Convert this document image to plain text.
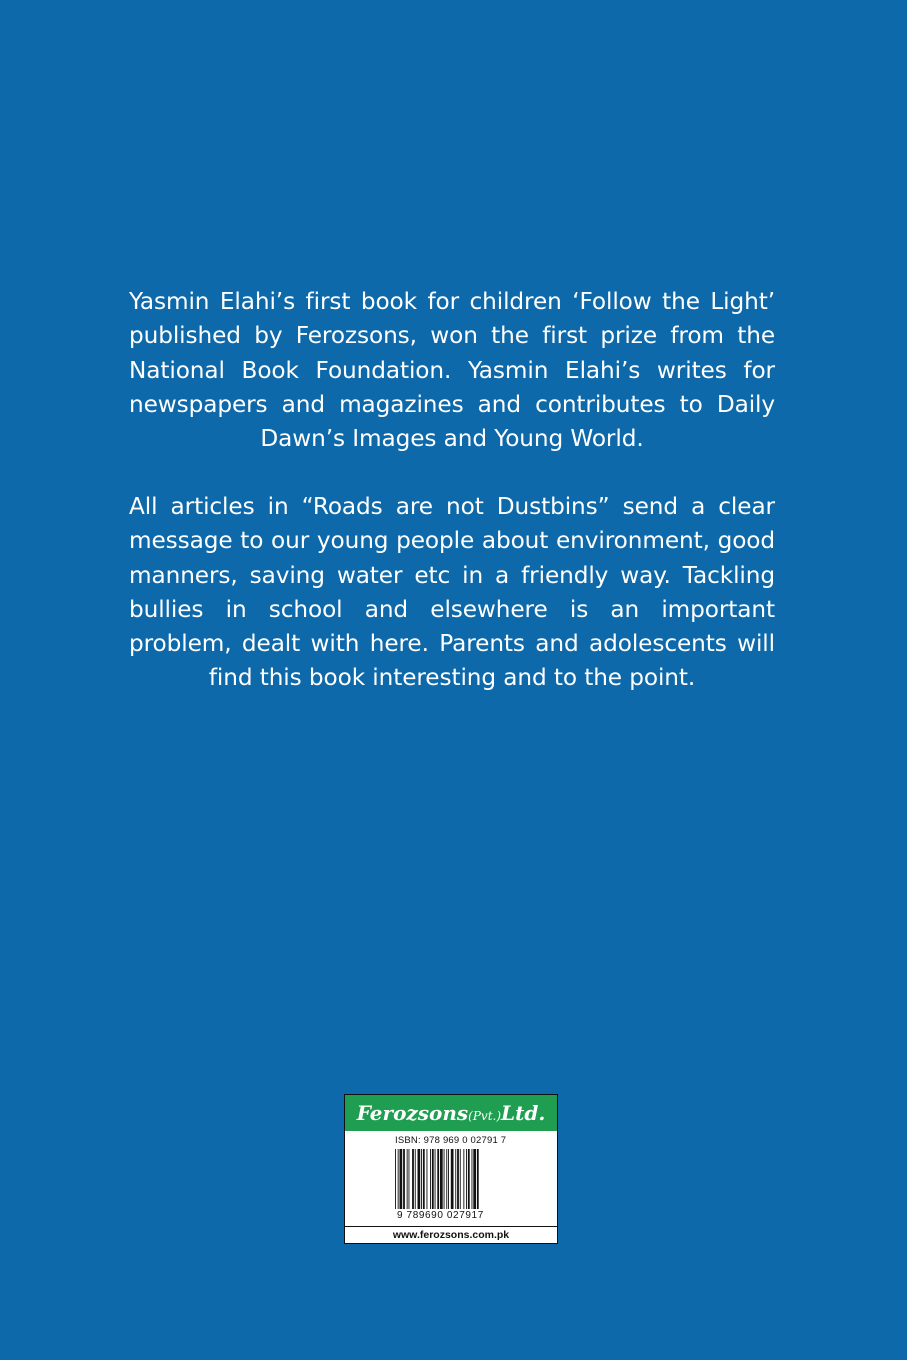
Yasmin Elahi’s first book for children ‘Follow the Light’ published by Ferozsons, won the first prize from the National Book Foundation. Yasmin Elahi’s writes for newspapers and magazines and contributes to Daily Dawn’s Images and Young World.

All articles in “Roads are not Dustbins” send a clear message to our young people about environment, good manners, saving water etc in a friendly way. Tackling bullies in school and elsewhere is an important problem, dealt with here. Parents and adolescents will find this book interesting and to the point.

Ferozsons(Pvt.)Ltd.
ISBN: 978 969 0 02791 7
9 789690 027917
www.ferozsons.com.pk
